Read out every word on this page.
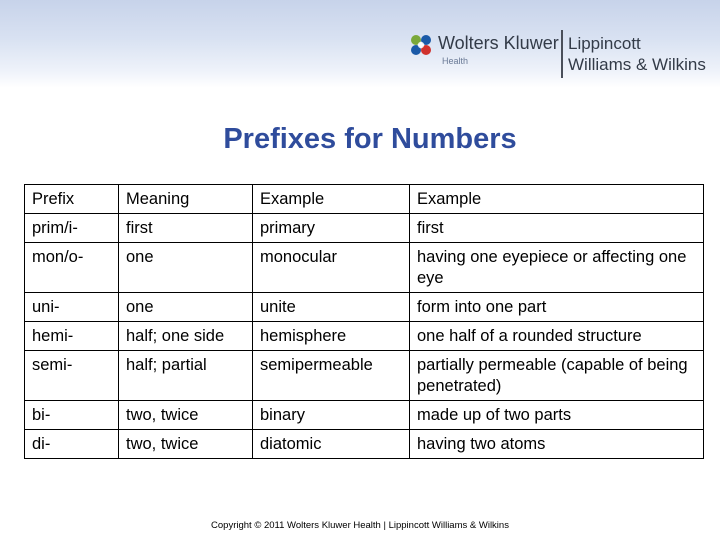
Wolters Kluwer
Health
Lippincott
Williams & Wilkins
Prefixes for Numbers
Prefix	Meaning	Example	Example
prim/i-	first	primary	first
mon/o-	one	monocular	having one eyepiece or affecting one eye
uni-	one	unite	form into one part
hemi-	half; one side	hemisphere	one half of a rounded structure
semi-	half; partial	semipermeable	partially permeable (capable of being penetrated)
bi-	two, twice	binary	made up of two parts
di-	two, twice	diatomic	having two atoms
Copyright © 2011 Wolters Kluwer Health | Lippincott Williams & Wilkins
